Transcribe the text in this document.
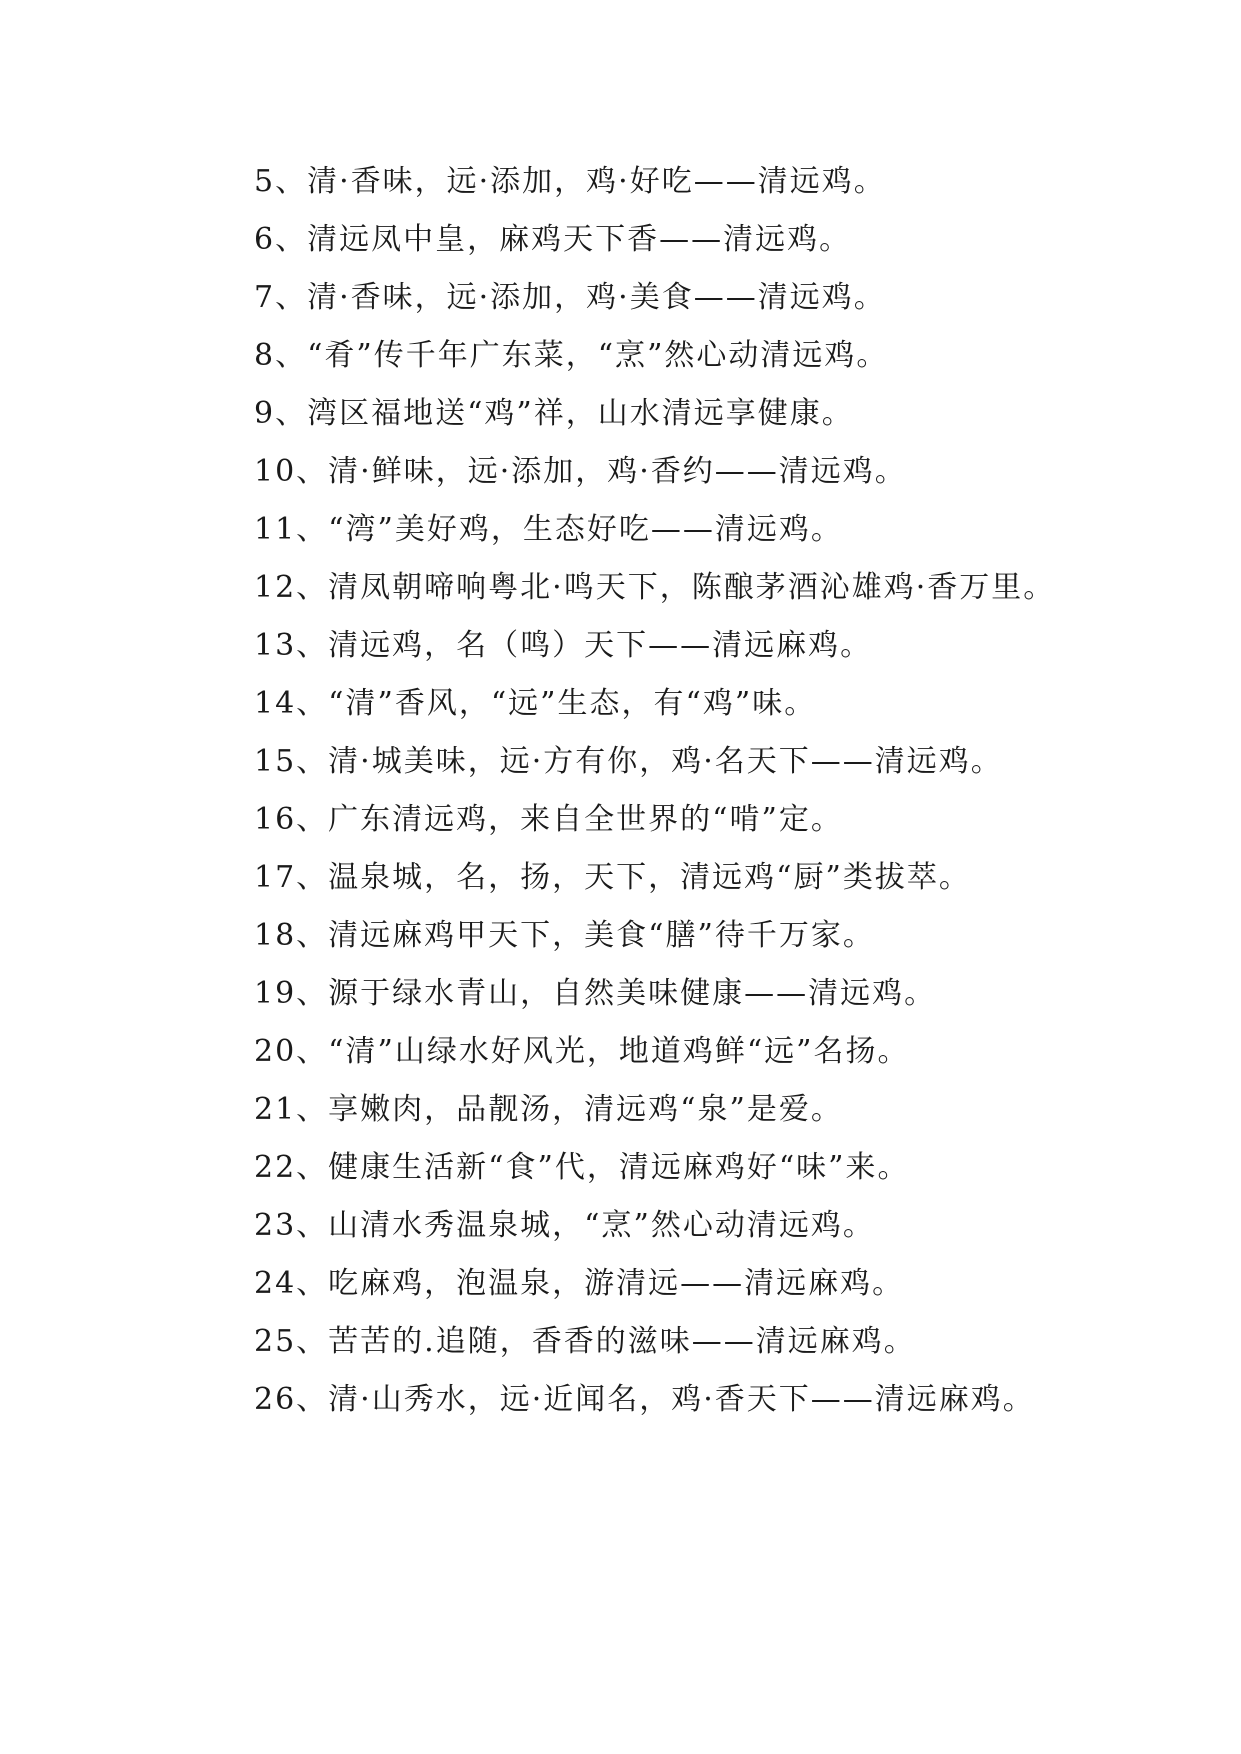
5、清·香味，远·添加，鸡·好吃——清远鸡。

6、清远凤中皇，麻鸡天下香——清远鸡。

7、清·香味，远·添加，鸡·美食——清远鸡。

8、“肴”传千年广东菜，“烹”然心动清远鸡。

9、湾区福地送“鸡”祥，山水清远享健康。

10、清·鲜味，远·添加，鸡·香约——清远鸡。

11、“湾”美好鸡，生态好吃——清远鸡。

12、清凤朝啼响粤北·鸣天下，陈酿茅酒沁雄鸡·香万里。

13、清远鸡，名（鸣）天下——清远麻鸡。

14、“清”香风，“远”生态，有“鸡”味。

15、清·城美味，远·方有你，鸡·名天下——清远鸡。

16、广东清远鸡，来自全世界的“啃”定。

17、温泉城，名，扬，天下，清远鸡“厨”类拔萃。

18、清远麻鸡甲天下，美食“膳”待千万家。

19、源于绿水青山，自然美味健康——清远鸡。

20、“清”山绿水好风光，地道鸡鲜“远”名扬。

21、享嫩肉，品靓汤，清远鸡“泉”是爱。

22、健康生活新“食”代，清远麻鸡好“味”来。

23、山清水秀温泉城，“烹”然心动清远鸡。

24、吃麻鸡，泡温泉，游清远——清远麻鸡。

25、苦苦的.追随，香香的滋味——清远麻鸡。

26、清·山秀水，远·近闻名，鸡·香天下——清远麻鸡。
